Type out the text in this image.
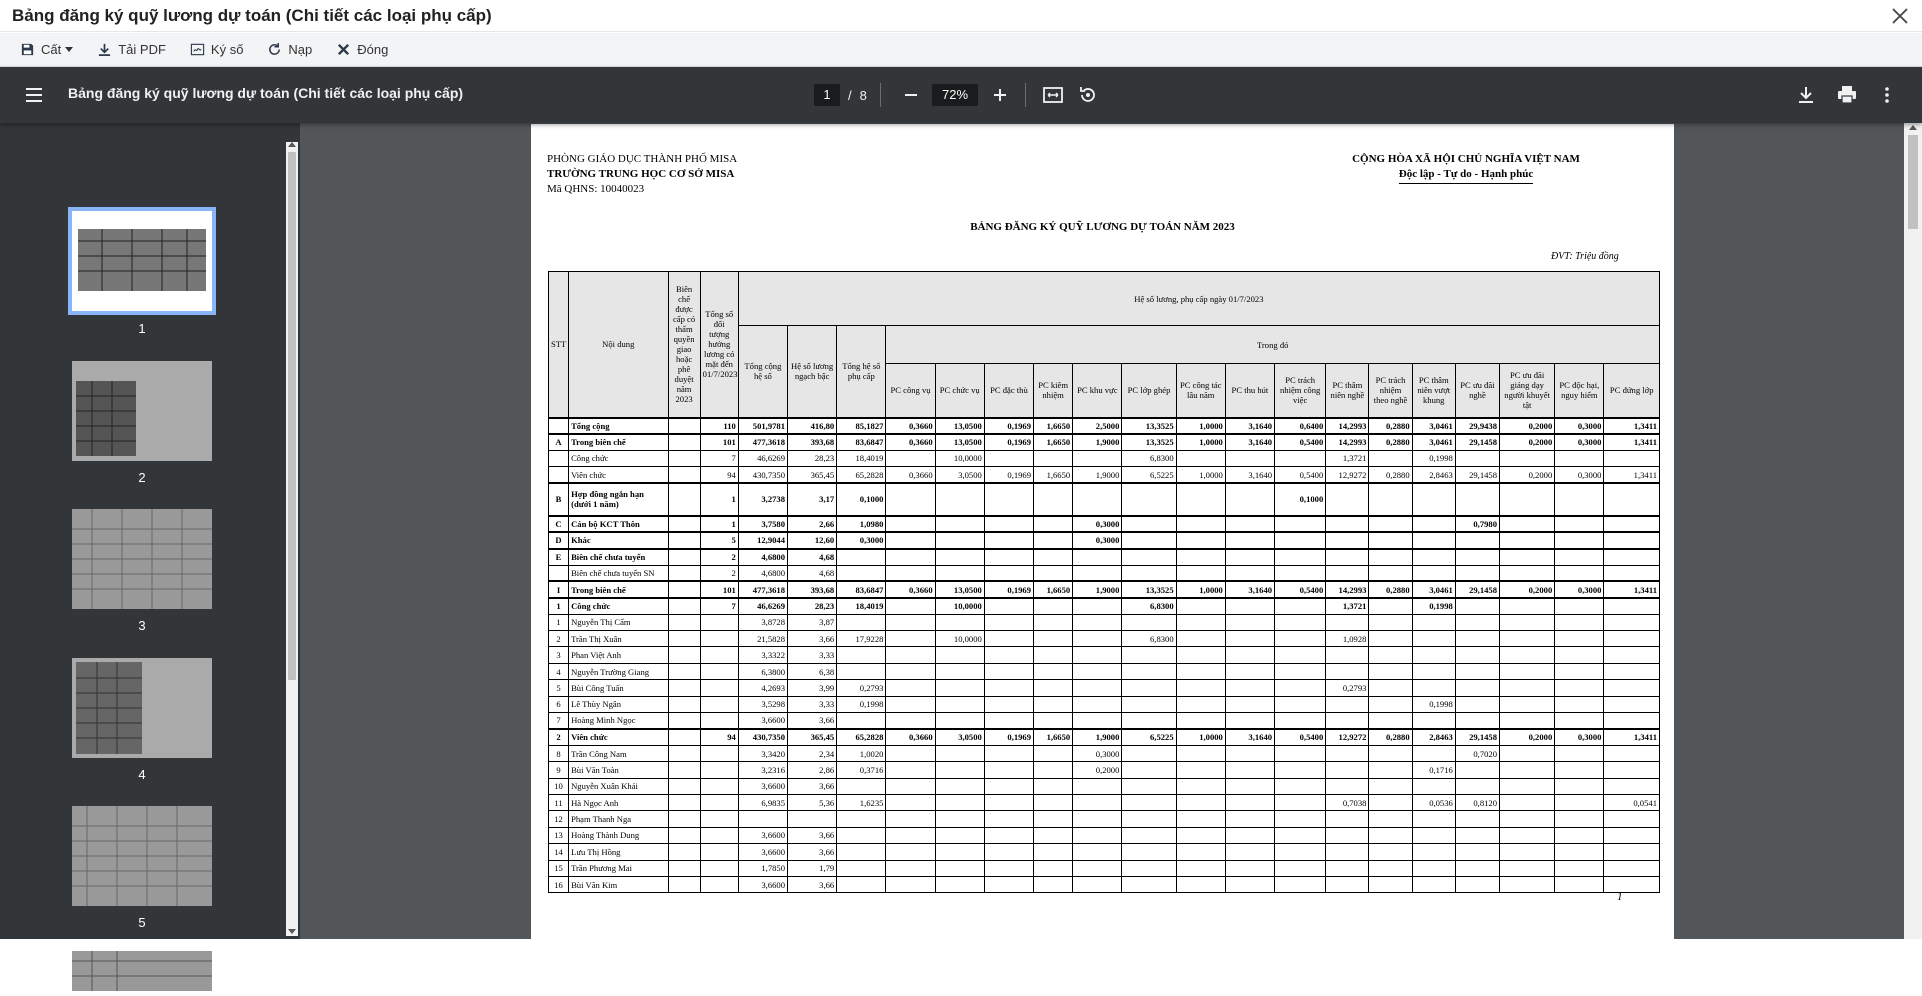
Bảng đăng ký quỹ lương dự toán (Chi tiết các loại phụ cấp)
Cất	Tải PDF	Ký số	Nạp	Đóng
Bảng đăng ký quỹ lương dự toán (Chi tiết các loại phụ cấp)	1	/ 8	72%
1
2
3
4
5
PHÒNG GIÁO DỤC THÀNH PHỐ MISA
TRƯỜNG TRUNG HỌC CƠ SỞ MISA
Mã QHNS: 10040023
CỘNG HÒA XÃ HỘI CHỦ NGHĨA VIỆT NAM
Độc lập - Tự do - Hạnh phúc
BẢNG ĐĂNG KÝ QUỸ LƯƠNG DỰ TOÁN NĂM 2023
ĐVT: Triệu đồng
STT	Nội dung	Biên chế được cấp có thẩm quyền giao hoặc phê duyệt năm 2023	Tổng số đối tượng hưởng lương có mặt đến 01/7/2023	Hệ số lương, phụ cấp ngày 01/7/2023																		
				Tổng cộng hệ số	Hệ số lương ngạch bậc	Tổng hệ số phụ cấp	Trong đó															
							PC công vụ	PC chức vụ	PC đặc thù	PC kiêm nhiệm	PC khu vực	PC lớp ghép	PC công tác lâu năm	PC thu hút	PC trách nhiệm công việc	PC thâm niên nghề	PC trách nhiệm theo nghề	PC thâm niên vượt khung	PC ưu đãi nghề	PC ưu đãi giảng dạy người khuyết tật	PC độc hại, nguy hiểm	PC đứng lớp
	Tổng cộng		110	501,9781	416,80	85,1827	0,3660	13,0500	0,1969	1,6650	2,5000	13,3525	1,0000	3,1640	0,6400	14,2993	0,2880	3,0461	29,9438	0,2000	0,3000	1,3411
A	Trong biên chế		101	477,3618	393,68	83,6847	0,3660	13,0500	0,1969	1,6650	1,9000	13,3525	1,0000	3,1640	0,5400	14,2993	0,2880	3,0461	29,1458	0,2000	0,3000	1,3411
	Công chức		7	46,6269	28,23	18,4019		10,0000				6,8300				1,3721		0,1998				
	Viên chức		94	430,7350	365,45	65,2828	0,3660	3,0500	0,1969	1,6650	1,9000	6,5225	1,0000	3,1640	0,5400	12,9272	0,2880	2,8463	29,1458	0,2000	0,3000	1,3411
B	Hợp đồng ngắn hạn (dưới 1 năm)		1	3,2738	3,17	0,1000									0,1000							
C	Cán bộ KCT Thôn		1	3,7580	2,66	1,0980					0,3000								0,7980			
D	Khác		5	12,9044	12,60	0,3000					0,3000											
E	Biên chế chưa tuyển		2	4,6800	4,68																	
	Biên chế chưa tuyển SN		2	4,6800	4,68																	
I	Trong biên chế		101	477,3618	393,68	83,6847	0,3660	13,0500	0,1969	1,6650	1,9000	13,3525	1,0000	3,1640	0,5400	14,2993	0,2880	3,0461	29,1458	0,2000	0,3000	1,3411
1	Công chức		7	46,6269	28,23	18,4019		10,0000				6,8300				1,3721		0,1998				
1	Nguyễn Thị Cẩm			3,8728	3,87																	
2	Trần Thị Xuân			21,5828	3,66	17,9228		10,0000				6,8300				1,0928						
3	Phan Việt Anh			3,3322	3,33																	
4	Nguyễn Trường Giang			6,3800	6,38																	
5	Bùi Công Tuấn			4,2693	3,99	0,2793										0,2793						
6	Lê Thùy Ngân			3,5298	3,33	0,1998												0,1998				
7	Hoàng Minh Ngọc			3,6600	3,66																	
2	Viên chức		94	430,7350	365,45	65,2828	0,3660	3,0500	0,1969	1,6650	1,9000	6,5225	1,0000	3,1640	0,5400	12,9272	0,2880	2,8463	29,1458	0,2000	0,3000	1,3411
8	Trần Công Nam			3,3420	2,34	1,0020					0,3000								0,7020			
9	Bùi Văn Toàn			3,2316	2,86	0,3716					0,2000							0,1716				
10	Nguyễn Xuân Khải			3,6600	3,66																	
11	Hà Ngọc Anh			6,9835	5,36	1,6235										0,7038		0,0536	0,8120			0,0541
12	Phạm Thanh Nga																					
13	Hoàng Thành Dung			3,6600	3,66																	
14	Lưu Thị Hồng			3,6600	3,66																	
15	Trần Phương Mai			1,7850	1,79																	
16	Bùi Văn Kim			3,6600	3,66																	
1
